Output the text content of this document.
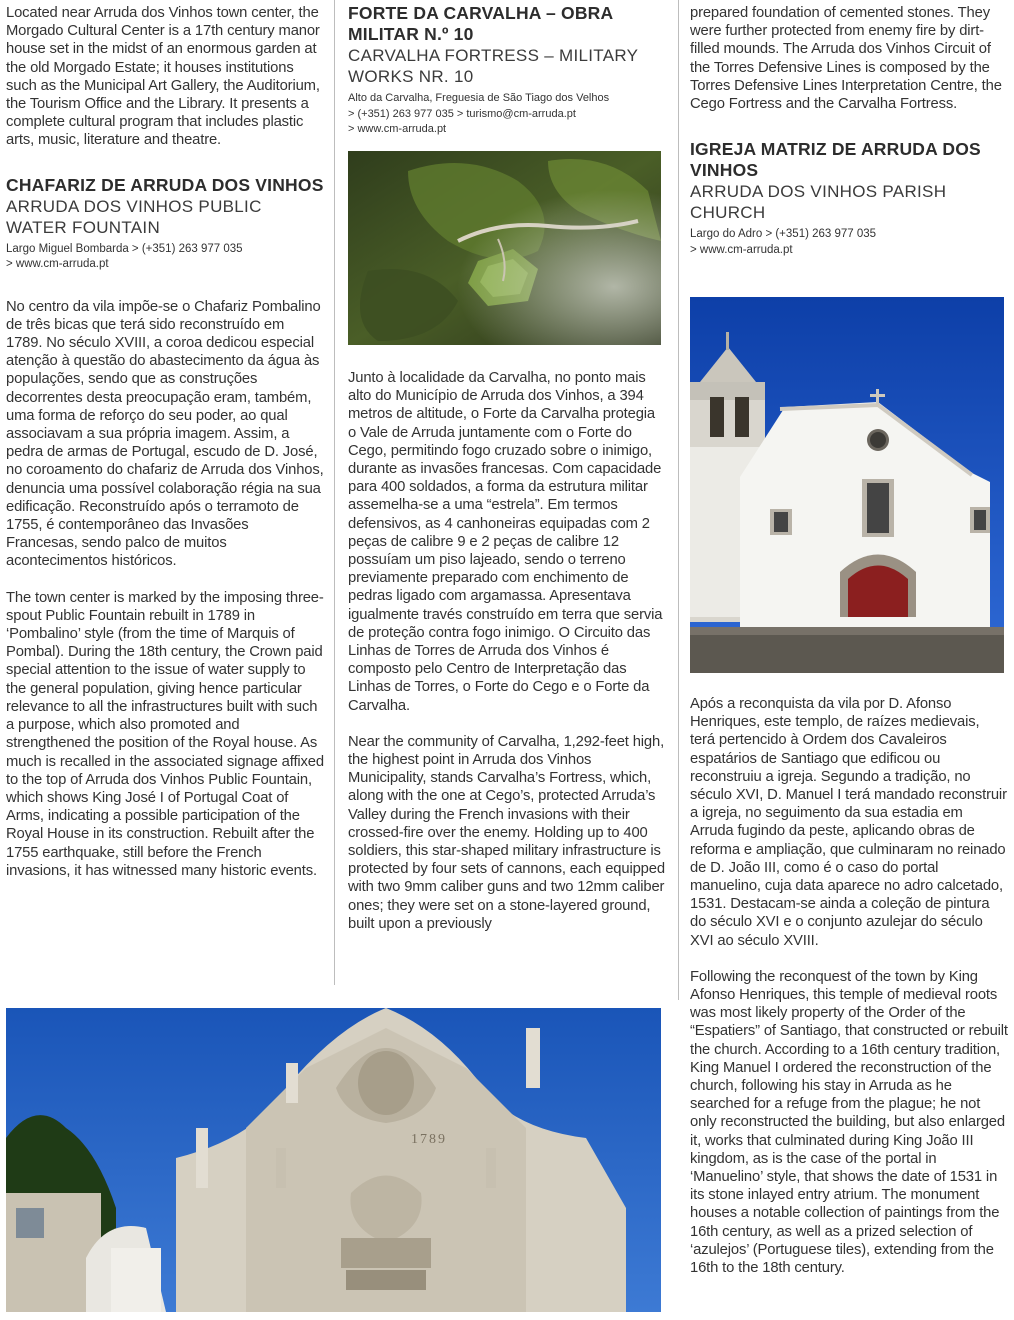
Located near Arruda dos Vinhos town center, the Morgado Cultural Center is a 17th century manor house set in the midst of an enormous garden at the old Morgado Estate; it houses institutions such as the Municipal Art Gallery, the Auditorium, the Tourism Office and the Library. It presents a complete cultural program that includes plastic arts, music, literature and theatre.

CHAFARIZ DE ARRUDA DOS VINHOS

ARRUDA DOS VINHOS PUBLIC WATER FOUNTAIN

Largo Miguel Bombarda > (+351) 263 977 035
> www.cm-arruda.pt

No centro da vila impõe-se o Chafariz Pombalino de três bicas que terá sido reconstruído em 1789. No século XVIII, a coroa dedicou especial atenção à questão do abastecimento da água às populações, sendo que as construções decorrentes desta preocupação eram, também, uma forma de reforço do seu poder, ao qual associavam a sua própria imagem. Assim, a pedra de armas de Portugal, escudo de D. José, no coroamento do chafariz de Arruda dos Vinhos, denuncia uma possível colaboração régia na sua edificação. Reconstruído após o terramoto de 1755, é contemporâneo das Invasões Francesas, sendo palco de muitos acontecimentos históricos.

The town center is marked by the imposing three-spout Public Fountain rebuilt in 1789 in ‘Pombalino’ style (from the time of Marquis of Pombal). During the 18th century, the Crown paid special attention to the issue of water supply to the general population, giving hence particular relevance to all the infrastructures built with such a purpose, which also promoted and strengthened the position of the Royal house. As much is recalled in the associated signage affixed to the top of Arruda dos Vinhos Public Fountain, which shows King José I of Portugal Coat of Arms, indicating a possible participation of the Royal House in its construction. Rebuilt after the 1755 earthquake, still before the French invasions, it has witnessed many historic events.

FORTE DA CARVALHA – OBRA MILITAR N.º 10

CARVALHA FORTRESS – MILITARY WORKS NR. 10

Alto da Carvalha, Freguesia de São Tiago dos Velhos
> (+351) 263 977 035 > turismo@cm-arruda.pt
> www.cm-arruda.pt

Junto à localidade da Carvalha, no ponto mais alto do Município de Arruda dos Vinhos, a 394 metros de altitude, o Forte da Carvalha protegia o Vale de Arruda juntamente com o Forte do Cego, permitindo fogo cruzado sobre o inimigo, durante as invasões francesas. Com capacidade para 400 soldados, a forma da estrutura militar assemelha-se a uma “estrela”. Em termos defensivos, as 4 canhoneiras equipadas com 2 peças de calibre 9 e 2 peças de calibre 12 possuíam um piso lajeado, sendo o terreno previamente preparado com enchimento de pedras ligado com argamassa. Apresentava igualmente través construído em terra que servia de proteção contra fogo inimigo. O Circuito das Linhas de Torres de Arruda dos Vinhos é composto pelo Centro de Interpretação das Linhas de Torres, o Forte do Cego e o Forte da Carvalha.

Near the community of Carvalha, 1,292-feet high, the highest point in Arruda dos Vinhos Municipality, stands Carvalha’s Fortress, which, along with the one at Cego’s, protected Arruda’s Valley during the French invasions with their crossed-fire over the enemy. Holding up to 400 soldiers, this star-shaped military infrastructure is protected by four sets of cannons, each equipped with two 9mm caliber guns and two 12mm caliber ones; they were set on a stone-layered ground, built upon a previously

prepared foundation of cemented stones. They were further protected from enemy fire by dirt-filled mounds. The Arruda dos Vinhos Circuit of the Torres Defensive Lines is composed by the Torres Defensive Lines Interpretation Centre, the Cego Fortress and the Carvalha Fortress.

IGREJA MATRIZ DE ARRUDA DOS VINHOS

ARRUDA DOS VINHOS PARISH CHURCH

Largo do Adro > (+351) 263 977 035
> www.cm-arruda.pt

Após a reconquista da vila por D. Afonso Henriques, este templo, de raízes medievais, terá pertencido à Ordem dos Cavaleiros espatários de Santiago que edificou ou reconstruiu a igreja. Segundo a tradição, no século XVI, D. Manuel I terá mandado reconstruir a igreja, no seguimento da sua estadia em Arruda fugindo da peste, aplicando obras de reforma e ampliação, que culminaram no reinado de D. João III, como é o caso do portal manuelino, cuja data aparece no adro calcetado, 1531. Destacam-se ainda a coleção de pintura do século XVI e o conjunto azulejar do século XVI ao século XVIII.

Following the reconquest of the town by King Afonso Henriques, this temple of medieval roots was most likely property of the Order of the “Espatiers” of Santiago, that constructed or rebuilt the church. According to a 16th century tradition, King Manuel I ordered the reconstruction of the church, following his stay in Arruda as he searched for a refuge from the plague; he not only reconstructed the building, but also enlarged it, works that culminated during King João III kingdom, as is the case of the portal in ‘Manuelino’ style, that shows the date of 1531 in its stone inlayed entry atrium. The monument houses a notable collection of paintings from the 16th century, as well as a prized selection of ‘azulejos’ (Portuguese tiles), extending from the 16th to the 18th century.

1789
